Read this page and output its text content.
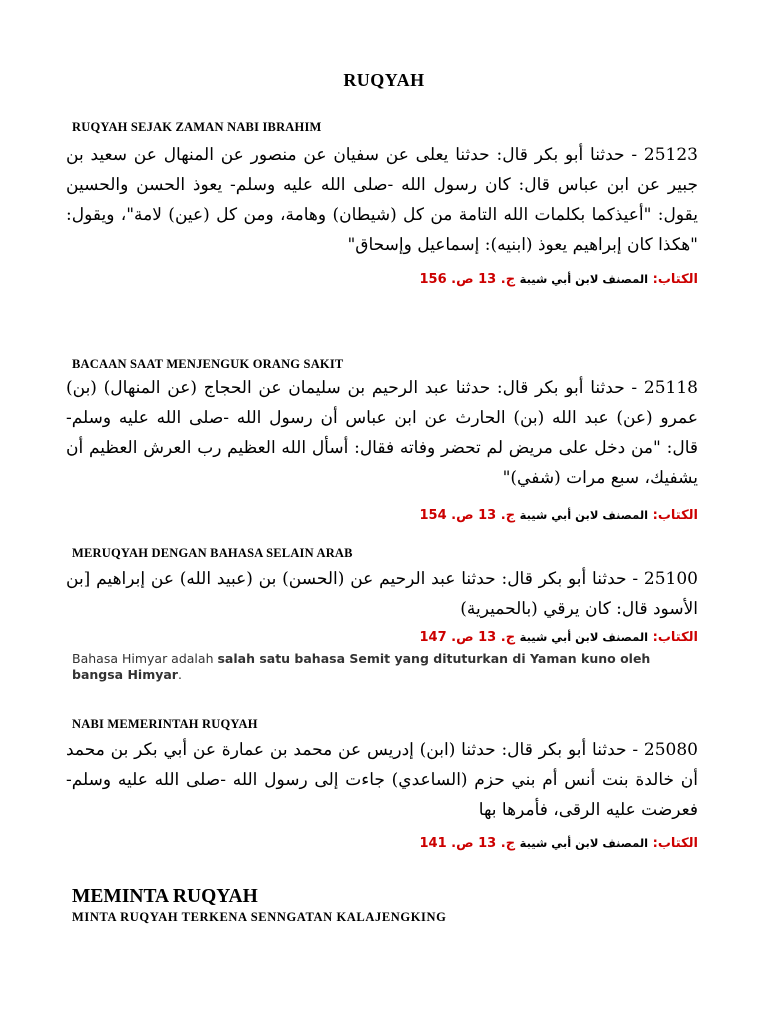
RUQYAH
RUQYAH SEJAK ZAMAN NABI IBRAHIM
25123 - حدثنا أبو بكر قال: حدثنا يعلى عن سفيان عن منصور عن المنهال عن سعيد بن جبير عن ابن عباس قال: كان رسول الله -صلى الله عليه وسلم- يعوذ الحسن والحسين يقول: "أعيذكما بكلمات الله التامة من كل (شيطان) وهامة، ومن كل (عين) لامة"، ويقول: "هكذا كان إبراهيم يعوذ (ابنيه): إسماعيل وإسحاق"
الكتاب: المصنف لابن أبي شيبة ج. 13 ص. 156
BACAAN SAAT MENJENGUK ORANG SAKIT
25118 - حدثنا أبو بكر قال: حدثنا عبد الرحيم بن سليمان عن الحجاج (عن المنهال) (بن) عمرو (عن) عبد الله (بن) الحارث عن ابن عباس أن رسول الله -صلى الله عليه وسلم- قال: "من دخل على مريض لم تحضر وفاته فقال: أسأل الله العظيم رب العرش العظيم أن يشفيك، سبع مرات (شفي)"
الكتاب: المصنف لابن أبي شيبة ج. 13 ص. 154
MERUQYAH DENGAN BAHASA SELAIN ARAB
25100 - حدثنا أبو بكر قال: حدثنا عبد الرحيم عن (الحسن) بن (عبيد الله) عن إبراهيم [بن الأسود قال: كان يرقي (بالحميرية)
الكتاب: المصنف لابن أبي شيبة ج. 13 ص. 147
Bahasa Himyar adalah salah satu bahasa Semit yang dituturkan di Yaman kuno oleh bangsa Himyar.
NABI MEMERINTAH RUQYAH
25080 - حدثنا أبو بكر قال: حدثنا (ابن) إدريس عن محمد بن عمارة عن أبي بكر بن محمد أن خالدة بنت أنس أم بني حزم (الساعدي) جاءت إلى رسول الله -صلى الله عليه وسلم- فعرضت عليه الرقى، فأمرها بها
الكتاب: المصنف لابن أبي شيبة ج. 13 ص. 141
MEMINTA RUQYAH
MINTA RUQYAH TERKENA SENNGATAN KALAJENGKING
